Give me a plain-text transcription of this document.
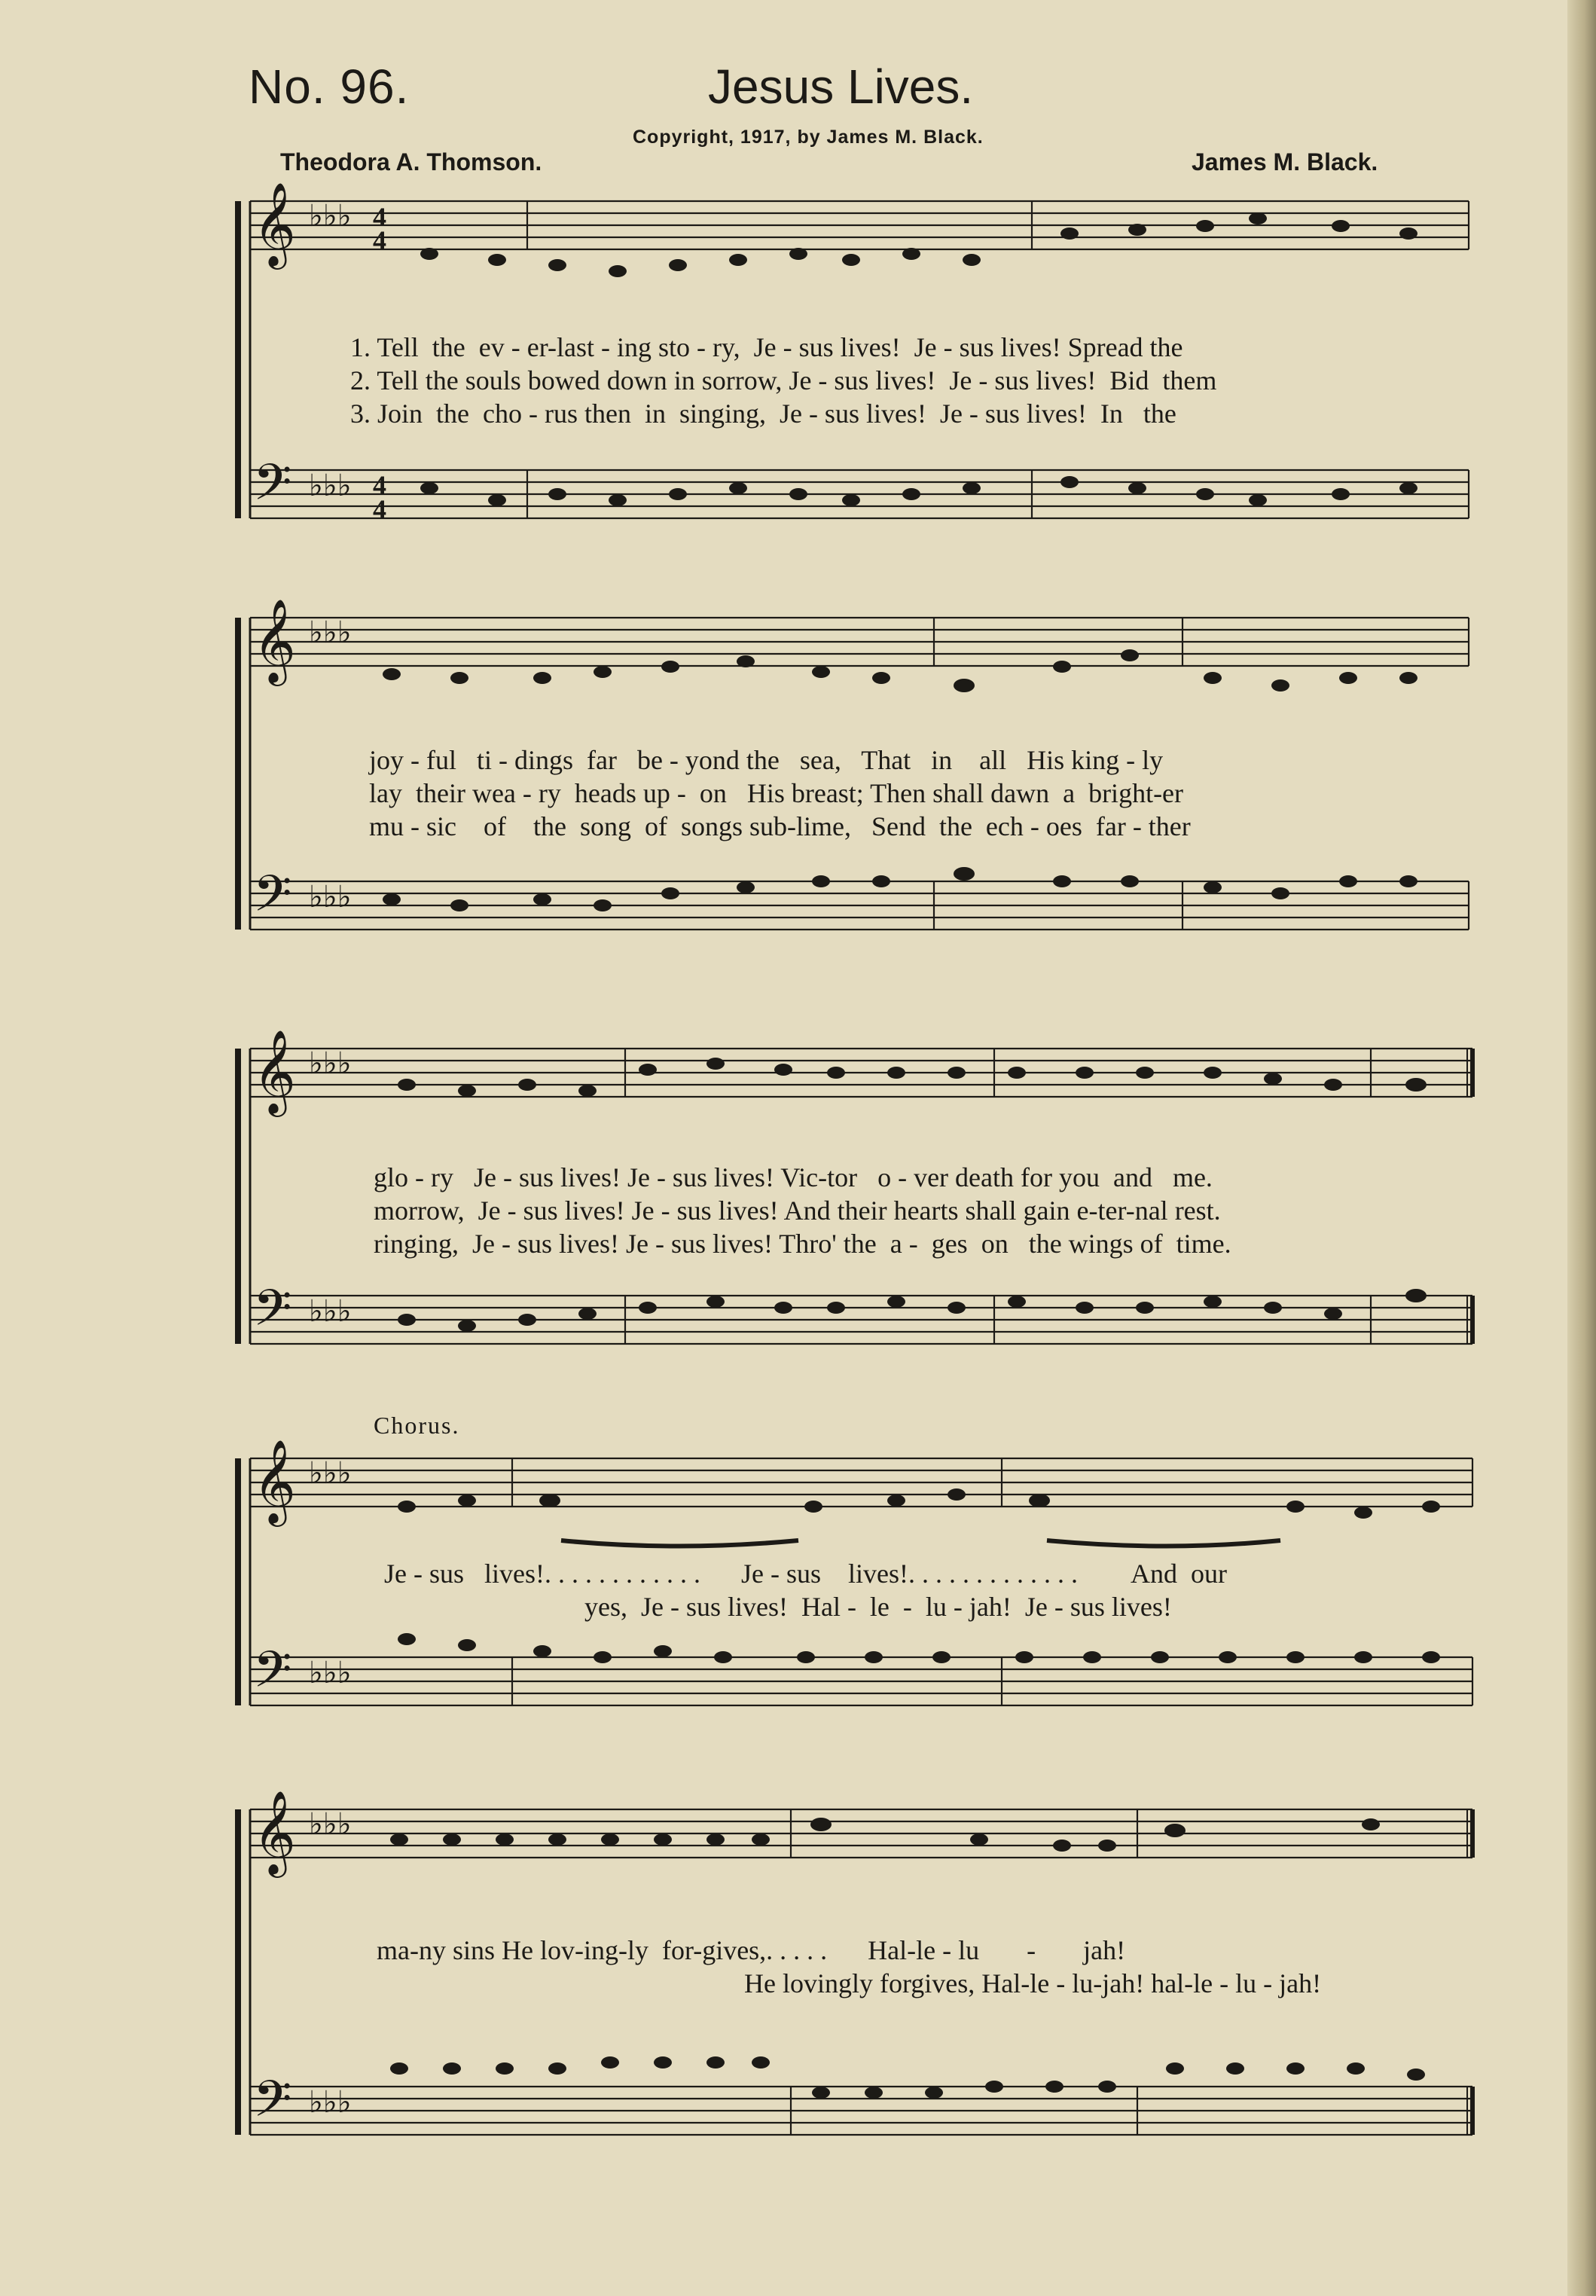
No. 96.	Jesus Lives.
Copyright, 1917, by James M. Black.
Theodora A. Thomson.	James M. Black.
𝄞
𝄢
♭♭♭
♭♭♭
4
4
4
4
1. Tell  the  ev - er-last - ing sto - ry,  Je - sus lives!  Je - sus lives! Spread the
2. Tell the souls bowed down in sorrow, Je - sus lives!  Je - sus lives!  Bid  them
3. Join  the  cho - rus then  in  singing,  Je - sus lives!  Je - sus lives!  In   the
𝄞
𝄢
♭♭♭
♭♭♭
joy - ful   ti - dings  far   be - yond the   sea,   That   in    all   His king - ly
lay  their wea - ry  heads up -  on   His breast; Then shall dawn  a  bright-er
mu - sic    of    the  song  of  songs sub-lime,   Send  the  ech - oes  far - ther
𝄞
𝄢
♭♭♭
♭♭♭
glo - ry   Je - sus lives! Je - sus lives! Vic-tor   o - ver death for you  and   me.
morrow,  Je - sus lives! Je - sus lives! And their hearts shall gain e-ter-nal rest.
ringing,  Je - sus lives! Je - sus lives! Thro' the  a -  ges  on   the wings of  time.
Chorus.
𝄞
𝄢
♭♭♭
♭♭♭
Je - sus   lives!. . . . . . . . . . . .      Je - sus    lives!. . . . . . . . . . . . .        And  our
yes,  Je - sus lives!  Hal -  le  -  lu - jah!  Je - sus lives!
𝄞
𝄢
♭♭♭
♭♭♭
ma-ny sins He lov-ing-ly  for-gives,. . . . .      Hal-le - lu       -       jah!
He lovingly forgives, Hal-le - lu-jah! hal-le - lu - jah!
